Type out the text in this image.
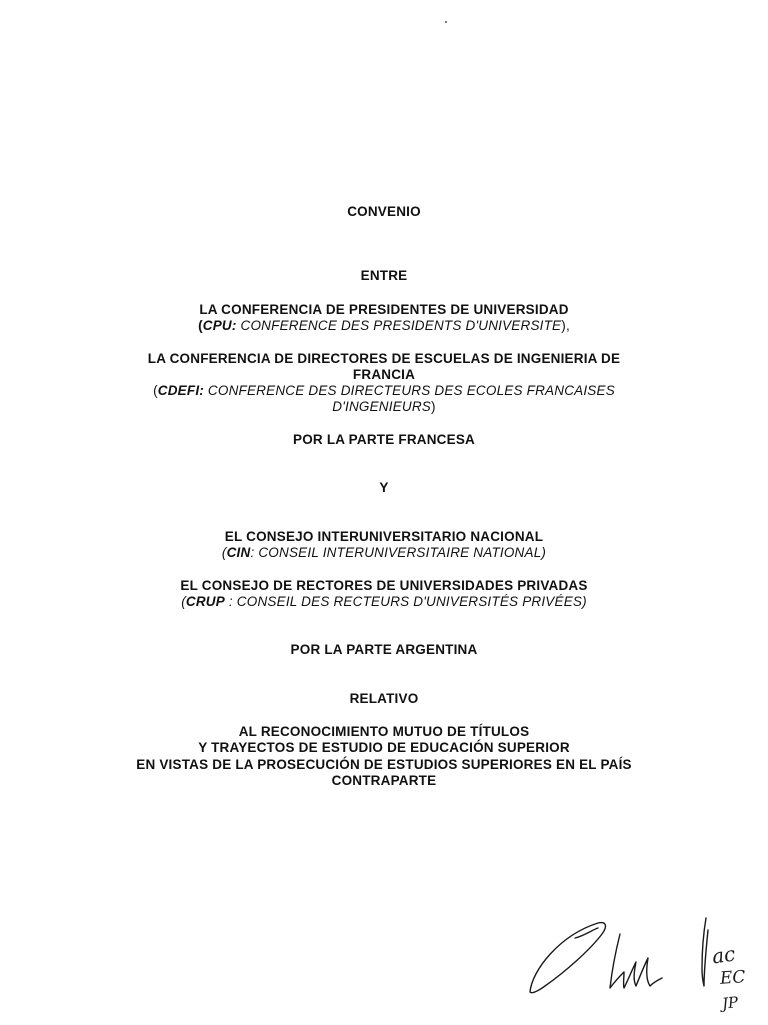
CONVENIO
ENTRE
LA CONFERENCIA DE PRESIDENTES DE UNIVERSIDAD
(CPU: CONFERENCE DES PRESIDENTS D'UNIVERSITE),
LA CONFERENCIA DE DIRECTORES DE ESCUELAS DE INGENIERIA DE
FRANCIA
(CDEFI: CONFERENCE DES DIRECTEURS DES ECOLES FRANCAISES
D'INGENIEURS)
POR LA PARTE FRANCESA
Y
EL CONSEJO INTERUNIVERSITARIO NACIONAL
(CIN: CONSEIL INTERUNIVERSITAIRE NATIONAL)
EL CONSEJO DE RECTORES DE UNIVERSIDADES PRIVADAS
(CRUP : CONSEIL DES RECTEURS D'UNIVERSITÉS PRIVÉES)
POR LA PARTE ARGENTINA
RELATIVO
AL RECONOCIMIENTO MUTUO DE TÍTULOS
Y TRAYECTOS DE ESTUDIO DE EDUCACIÓN SUPERIOR
EN VISTAS DE LA PROSECUCIÓN DE ESTUDIOS SUPERIORES EN EL PAÍS
CONTRAPARTE
ac
EC
JP
